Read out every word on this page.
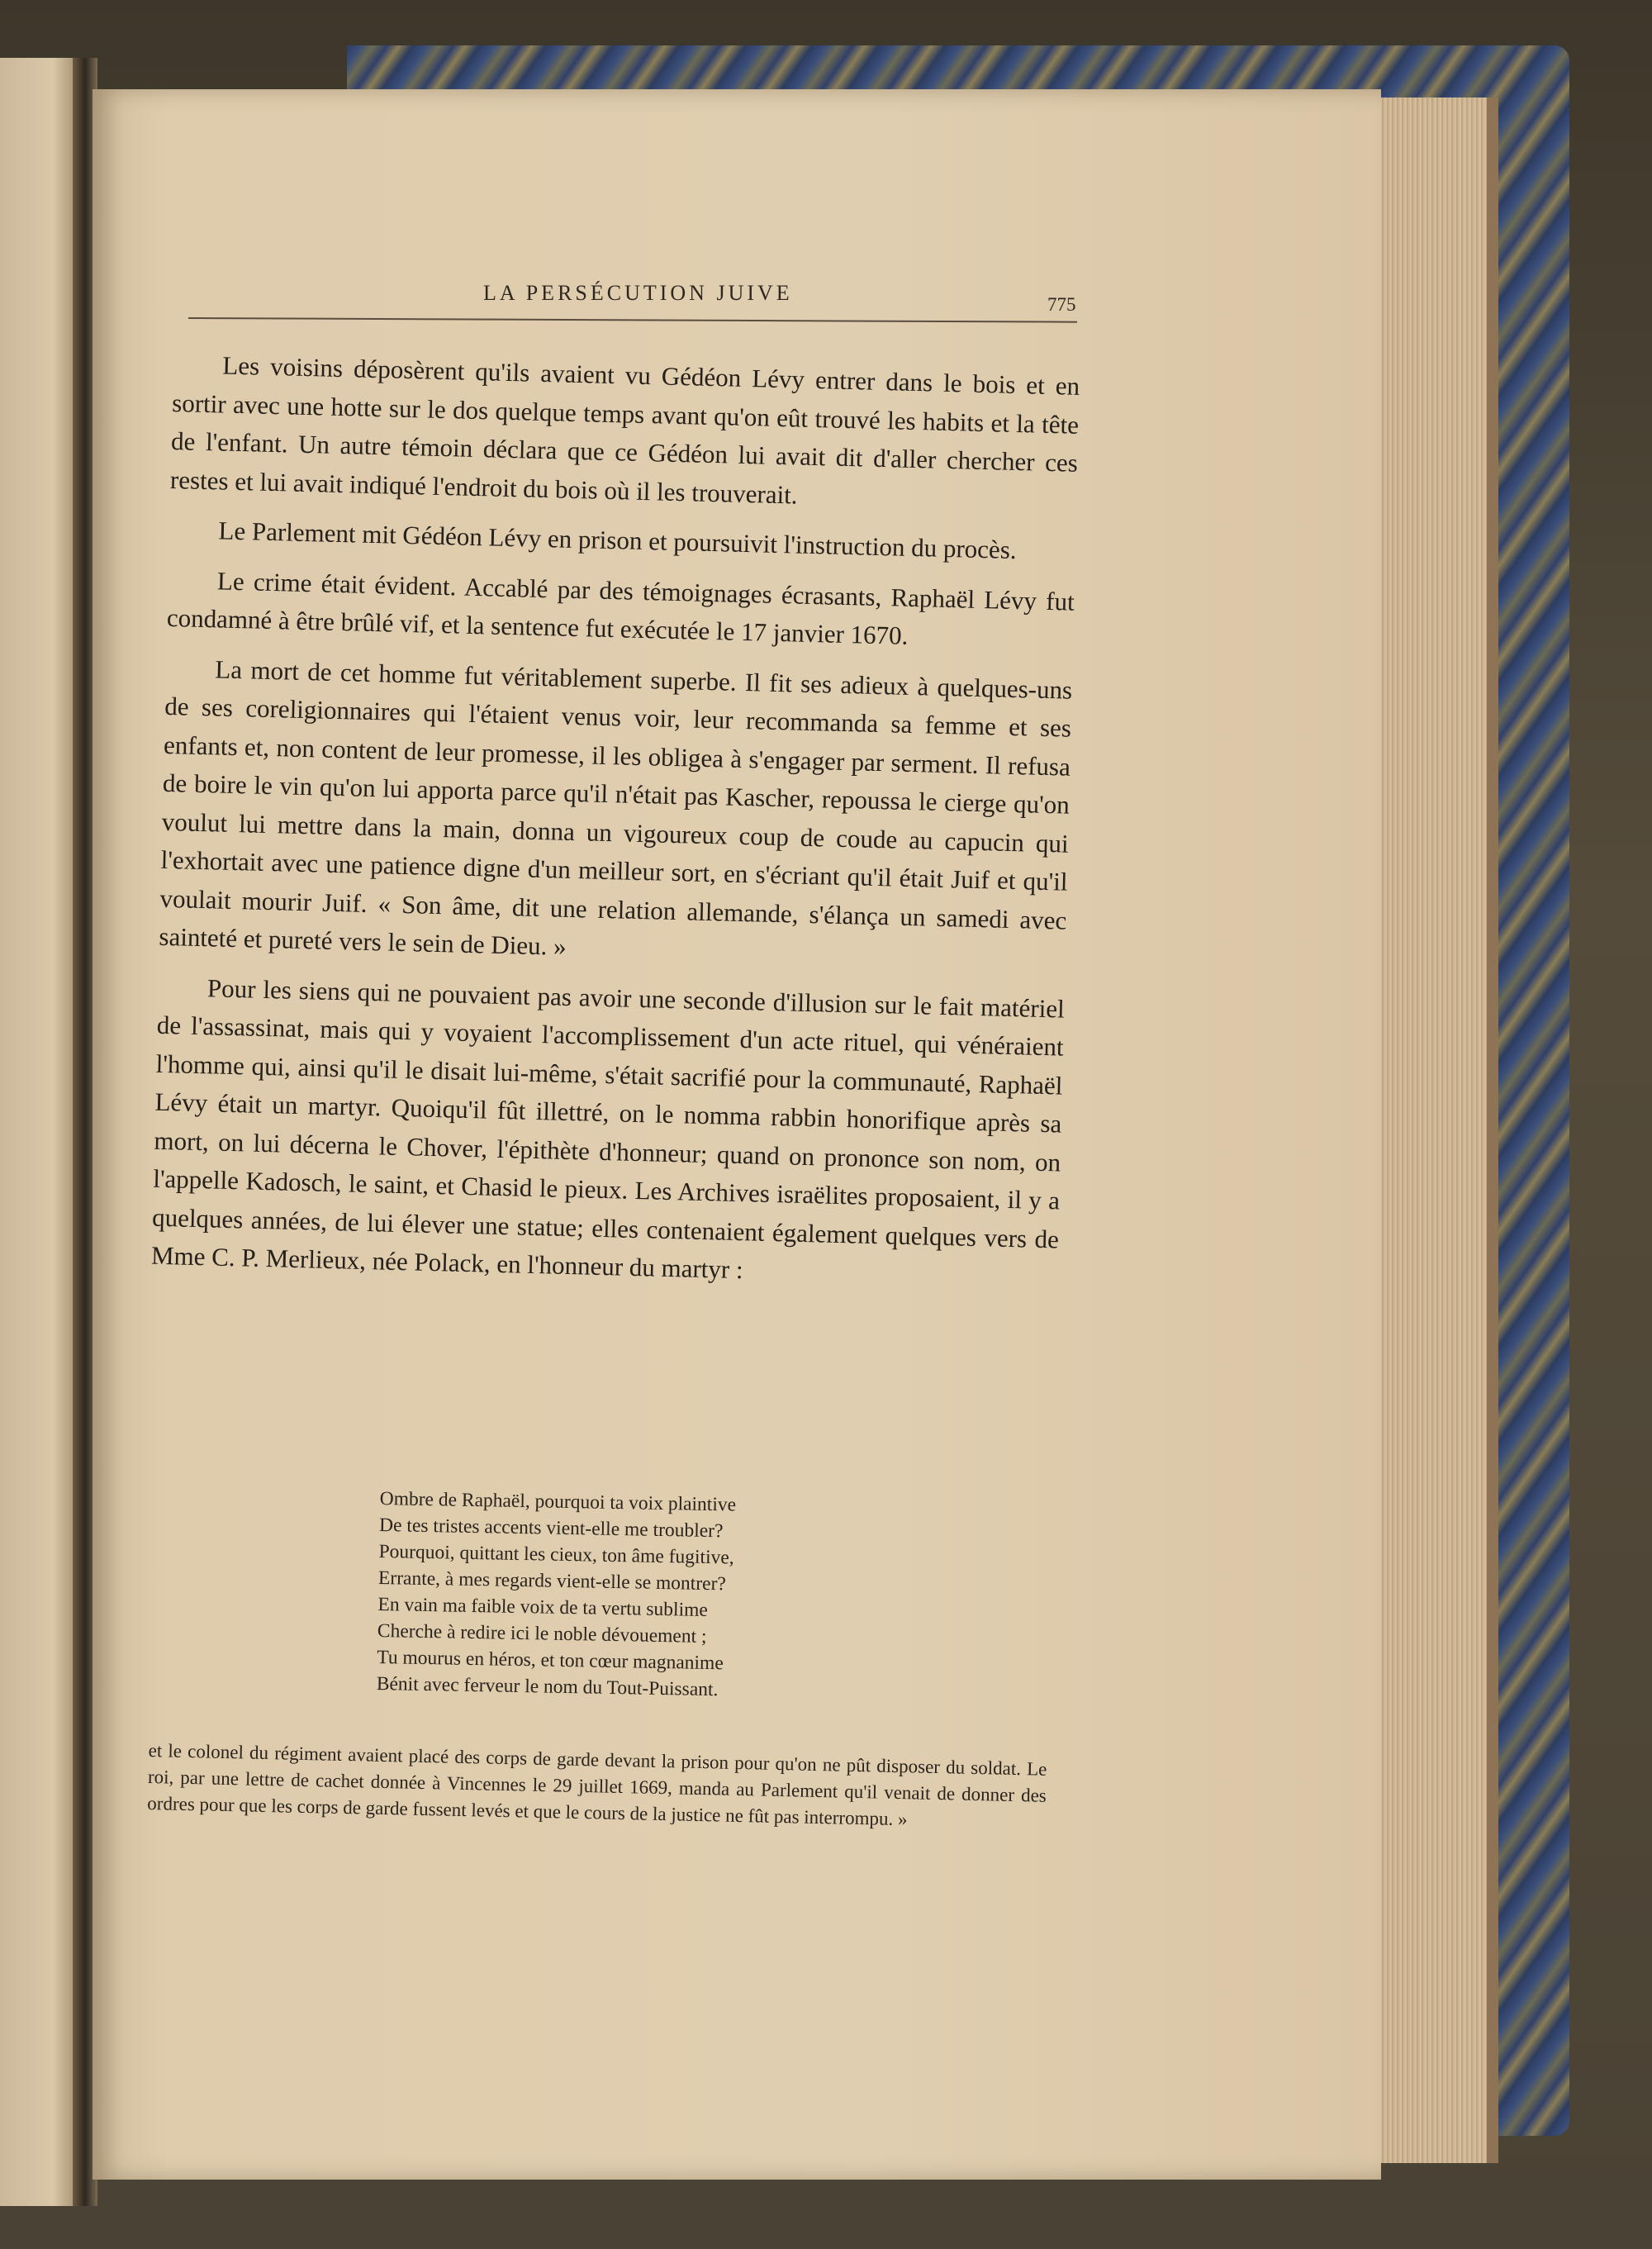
LA PERSÉCUTION JUIVE	775

Les voisins déposèrent qu'ils avaient vu Gédéon Lévy entrer dans le bois et en sortir avec une hotte sur le dos quelque temps avant qu'on eût trouvé les habits et la tête de l'enfant. Un autre témoin déclara que ce Gédéon lui avait dit d'aller chercher ces restes et lui avait indiqué l'endroit du bois où il les trouverait.

Le Parlement mit Gédéon Lévy en prison et poursuivit l'instruction du procès.

Le crime était évident. Accablé par des témoignages écrasants, Raphaël Lévy fut condamné à être brûlé vif, et la sentence fut exécutée le 17 janvier 1670.

La mort de cet homme fut véritablement superbe. Il fit ses adieux à quelques-uns de ses coreligionnaires qui l'étaient venus voir, leur recommanda sa femme et ses enfants et, non content de leur promesse, il les obligea à s'engager par serment. Il refusa de boire le vin qu'on lui apporta parce qu'il n'était pas Kascher, repoussa le cierge qu'on voulut lui mettre dans la main, donna un vigoureux coup de coude au capucin qui l'exhortait avec une patience digne d'un meilleur sort, en s'écriant qu'il était Juif et qu'il voulait mourir Juif. « Son âme, dit une relation allemande, s'élança un samedi avec sainteté et pureté vers le sein de Dieu. »

Pour les siens qui ne pouvaient pas avoir une seconde d'illusion sur le fait matériel de l'assassinat, mais qui y voyaient l'accomplissement d'un acte rituel, qui vénéraient l'homme qui, ainsi qu'il le disait lui-même, s'était sacrifié pour la communauté, Raphaël Lévy était un martyr. Quoiqu'il fût illettré, on le nomma rabbin honorifique après sa mort, on lui décerna le Chover, l'épithète d'honneur; quand on prononce son nom, on l'appelle Kadosch, le saint, et Chasid le pieux. Les Archives israëlites proposaient, il y a quelques années, de lui élever une statue; elles contenaient également quelques vers de Mme C. P. Merlieux, née Polack, en l'honneur du martyr :

Ombre de Raphaël, pourquoi ta voix plaintive
De tes tristes accents vient-elle me troubler?
Pourquoi, quittant les cieux, ton âme fugitive,
Errante, à mes regards vient-elle se montrer?
En vain ma faible voix de ta vertu sublime
Cherche à redire ici le noble dévouement ;
Tu mourus en héros, et ton cœur magnanime
Bénit avec ferveur le nom du Tout-Puissant.
et le colonel du régiment avaient placé des corps de garde devant la prison pour qu'on ne pût disposer du soldat. Le roi, par une lettre de cachet donnée à Vincennes le 29 juillet 1669, manda au Parlement qu'il venait de donner des ordres pour que les corps de garde fussent levés et que le cours de la justice ne fût pas interrompu. »
